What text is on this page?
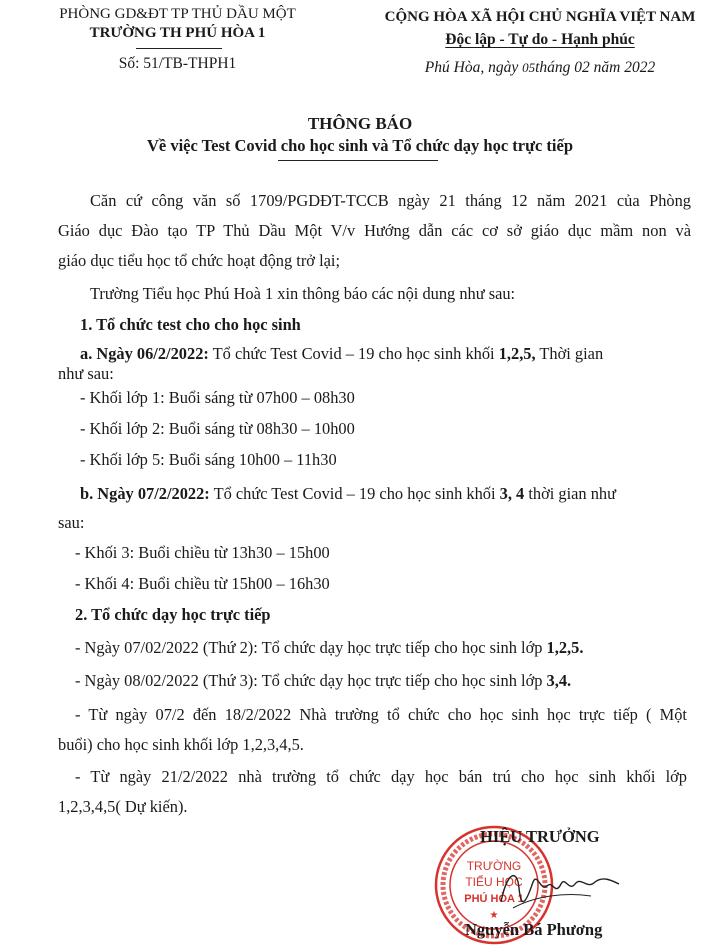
PHÒNG GD&ĐT TP THỦ DẦU MỘT
TRƯỜNG TH PHÚ HÒA 1
Số: 51/TB-THPH1
CỘNG HÒA XÃ HỘI CHỦ NGHĨA VIỆT NAM
Độc lập - Tự do - Hạnh phúc
Phú Hòa, ngày 05tháng 02 năm 2022
THÔNG BÁO
Về việc Test Covid cho học sinh và Tổ chức dạy học trực tiếp
Căn cứ công văn số 1709/PGDĐT-TCCB ngày 21 tháng 12 năm 2021 của Phòng
Giáo dục Đào tạo TP Thủ Dầu Một V/v Hướng dẫn các cơ sở giáo dục mầm non và
giáo dục tiểu học tổ chức hoạt động trở lại;
Trường Tiểu học Phú Hoà 1 xin thông báo các nội dung như sau:
1. Tổ chức test cho cho học sinh
a. Ngày 06/2/2022: Tổ chức Test Covid – 19 cho học sinh khối 1,2,5, Thời gian
như sau:
- Khối lớp 1: Buổi sáng từ 07h00 – 08h30
- Khối lớp 2: Buổi sáng từ 08h30 – 10h00
- Khối lớp 5: Buổi sáng 10h00 – 11h30
b. Ngày 07/2/2022: Tổ chức Test Covid – 19 cho học sinh khối 3, 4 thời gian như
sau:
- Khối 3: Buổi chiều từ 13h30 – 15h00
- Khối 4: Buổi chiều từ 15h00 – 16h30
2. Tổ chức dạy học trực tiếp
- Ngày 07/02/2022 (Thứ 2): Tổ chức dạy học trực tiếp cho học sinh lớp 1,2,5.
- Ngày 08/02/2022 (Thứ 3): Tổ chức dạy học trực tiếp cho học sinh lớp 3,4.
- Từ ngày 07/2 đến 18/2/2022 Nhà trường tổ chức cho học sinh học trực tiếp ( Một
buổi) cho học sinh khối lớp 1,2,3,4,5.
- Từ ngày 21/2/2022 nhà trường tổ chức dạy học bán trú cho học sinh khối lớp
1,2,3,4,5( Dự kiến).
TRƯỜNG
TIỂU HỌC
PHÚ HÒA 1
★
HIỆU TRƯỞNG
Nguyễn Bá Phương
